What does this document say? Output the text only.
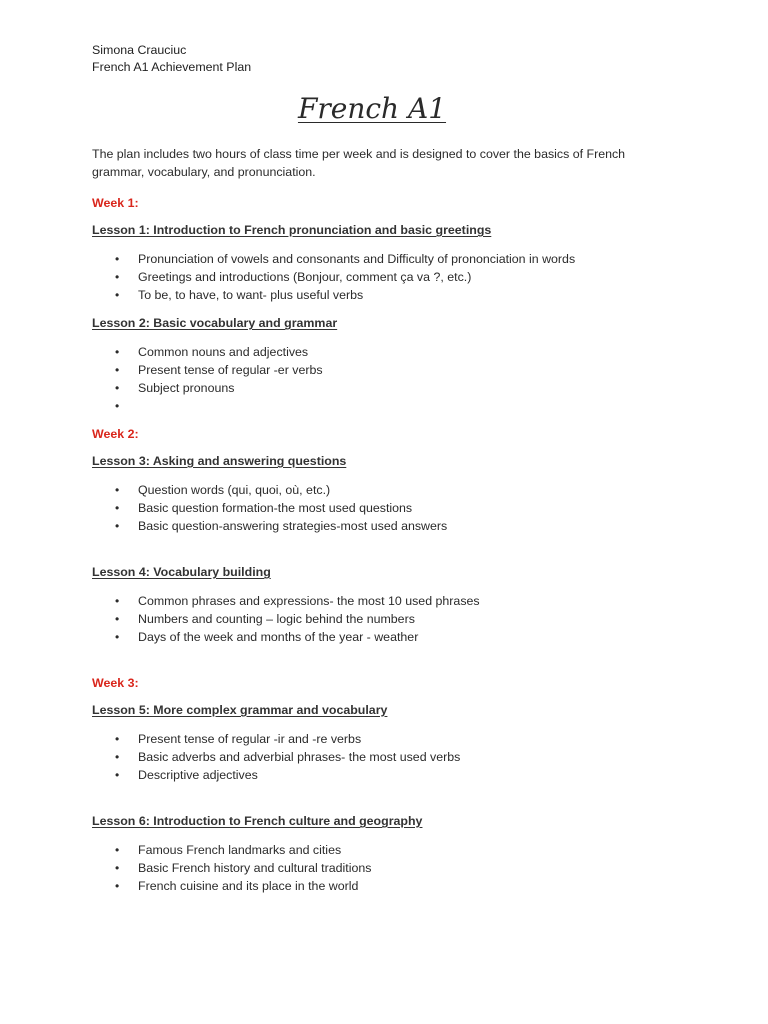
Simona Crauciuc
French A1 Achievement Plan
French A1
The plan includes two hours of class time per week and is designed to cover the basics of French grammar, vocabulary, and pronunciation.
Week 1:
Lesson 1: Introduction to French pronunciation and basic greetings
• Pronunciation of vowels and consonants and Difficulty of prononciation in words
• Greetings and introductions (Bonjour, comment ça va ?, etc.)
• To be, to have, to want- plus useful verbs
Lesson 2: Basic vocabulary and grammar
• Common nouns and adjectives
• Present tense of regular -er verbs
• Subject pronouns
•
Week 2:
Lesson 3: Asking and answering questions
• Question words (qui, quoi, où, etc.)
• Basic question formation-the most used questions
• Basic question-answering strategies-most used answers
Lesson 4: Vocabulary building
• Common phrases and expressions- the most 10 used phrases
• Numbers and counting – logic behind the numbers
• Days of the week and months of the year - weather
Week 3:
Lesson 5: More complex grammar and vocabulary
• Present tense of regular -ir and -re verbs
• Basic adverbs and adverbial phrases- the most used verbs
• Descriptive adjectives
Lesson 6: Introduction to French culture and geography
• Famous French landmarks and cities
• Basic French history and cultural traditions
• French cuisine and its place in the world
